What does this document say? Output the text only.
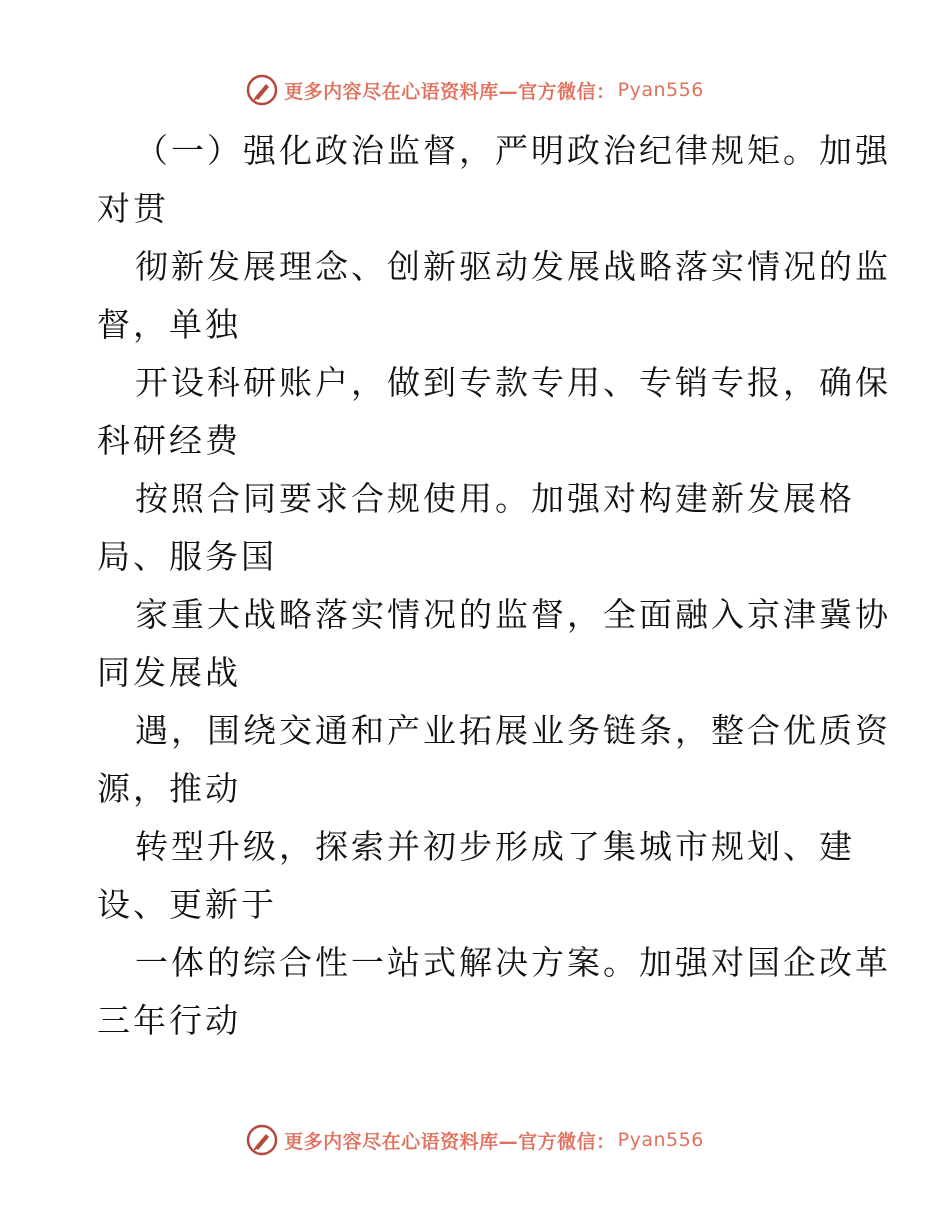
更多内容尽在心语资料库—官方微信： Pyan556

（一）强化政治监督，严明政治纪律规矩。加强
对贯

彻新发展理念、创新驱动发展战略落实情况的监
督，单独

开设科研账户，做到专款专用、专销专报，确保
科研经费

按照合同要求合规使用。加强对构建新发展格
局、服务国

家重大战略落实情况的监督，全面融入京津冀协
同发展战

遇，围绕交通和产业拓展业务链条，整合优质资
源，推动

转型升级，探索并初步形成了集城市规划、建
设、更新于

一体的综合性一站式解决方案。加强对国企改革
三年行动

更多内容尽在心语资料库—官方微信： Pyan556
